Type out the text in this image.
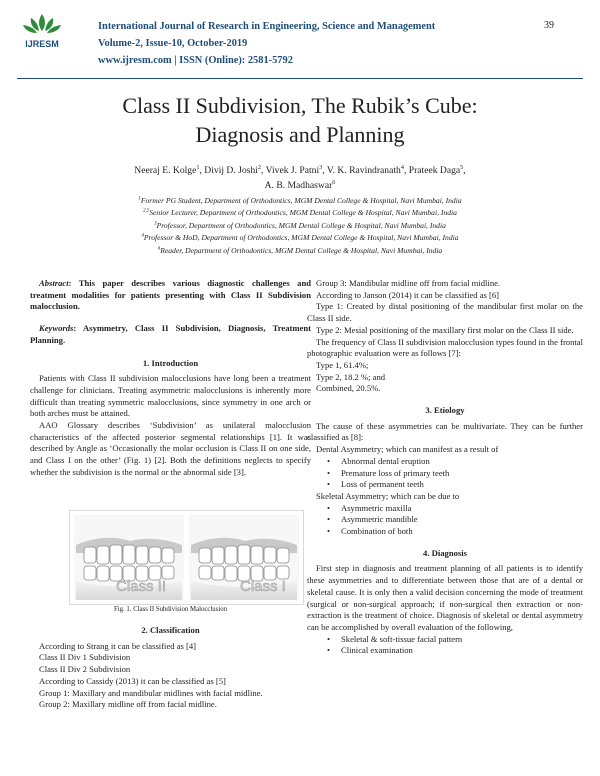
IJRESM
International Journal of Research in Engineering, Science and Management
Volume-2, Issue-10, October-2019
www.ijresm.com | ISSN (Online): 2581-5792
39
Class II Subdivision, The Rubik’s Cube:
Diagnosis and Planning
Neeraj E. Kolge$^1$, Divij D. Joshi$^2$, Vivek J. Patni$^3$, V. K. Ravindranath$^4$, Prateek Daga$^5$,
A. B. Madhaswar$^6$
$^1$Former PG Student, Department of Orthodontics, MGM Dental College & Hospital, Navi Mumbai, India
$^{2,5}$Senior Lecturer, Department of Orthodontics, MGM Dental College & Hospital, Navi Mumbai, India
$^3$Professor, Department of Orthodontics, MGM Dental College & Hospital, Navi Mumbai, India
$^4$Professor & HoD, Department of Orthodontics, MGM Dental College & Hospital, Navi Mumbai, India
$^6$Reader, Department of Orthodontics, MGM Dental College & Hospital, Navi Mumbai, India

Abstract: This paper describes various diagnostic challenges and treatment modalities for patients presenting with Class II Subdivision malocclusion.

Keywords: Asymmetry, Class II Subdivision, Diagnosis, Treatment Planning.

1. Introduction

Patients with Class II subdivision malocclusions have long been a treatment challenge for clinicians. Treating asymmetric malocclusions is inherently more difficult than treating symmetric malocclusions, since symmetry in one arch or both arches must be attained.

AAO Glossary describes ‘Subdivision’ as unilateral malocclusion characteristics of the affected posterior segmental relationships [1]. It was described by Angle as ‘Occasionally the molar occlusion is Class II on one side, and Class I on the other’ (Fig. 1) [2]. Both the definitions neglects to specify whether the subdivision is the normal or the abnormal side [3].

Class II	Class I
Fig. 1. Class II Subdivision Malocclusion

2. Classification

According to Strang it can be classified as [4]

Class II Div 1 Subdivision

Class II Div 2 Subdivision

According to Cassidy (2013) it can be classified as [5]

Group 1: Maxillary and mandibular midlines with facial midline.

Group 2: Maxillary midline off from facial midline.

Group 3: Mandibular midline off from facial midline.

According to Janson (2014) it can be classified as [6]

Type 1: Created by distal positioning of the mandibular first molar on the Class II side.

Type 2: Mesial positioning of the maxillary first molar on the Class II side.

The frequency of Class II subdivision malocclusion types found in the frontal photographic evaluation were as follows [7]:

Type 1, 61.4%;

Type 2, 18.2 %; and

Combined, 20.5%.

3. Etiology

The cause of these asymmetries can be multivariate. They can be further classified as [8]:

Dental Asymmetry; which can manifest as a result of

• Abnormal dental eruption

• Premature loss of primary teeth

• Loss of permanent teeth

Skeletal Asymmetry; which can be due to

• Asymmetric maxilla

• Asymmetric mandible

• Combination of both

4. Diagnosis

First step in diagnosis and treatment planning of all patients is to identify these asymmetries and to differentiate between those that are of a dental or skeletal cause. It is only then a valid decision concerning the mode of treatment (surgical or non-surgical approach; if non-surgical then extraction or non-extraction is the treatment of choice. Diagnosis of skeletal or dental asymmetry can be accomplished by overall evaluation of the following,

• Skeletal & soft-tissue facial pattern

• Clinical examination
